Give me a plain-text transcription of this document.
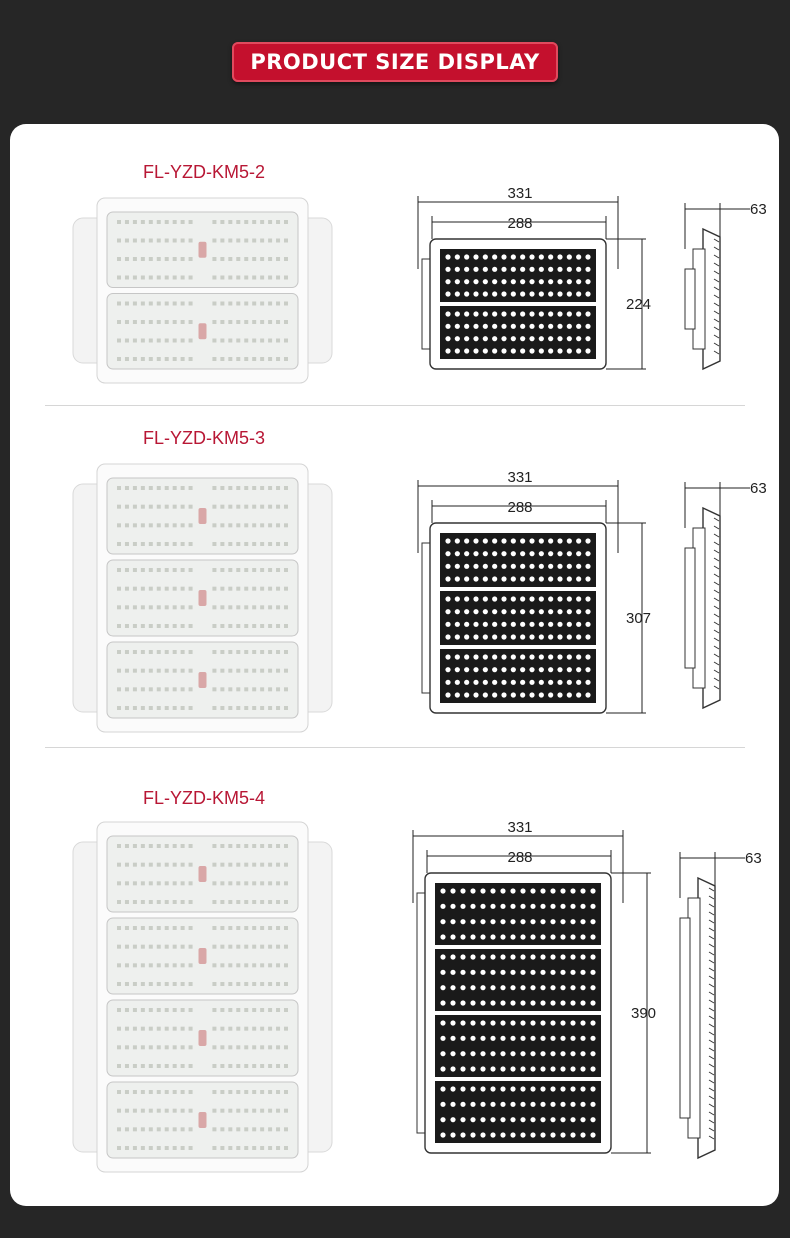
PRODUCT SIZE DISPLAY
FL-YZD-KM5-2
331
288
224
63
FL-YZD-KM5-3
331
288
307
63
FL-YZD-KM5-4
331
288
390
63
